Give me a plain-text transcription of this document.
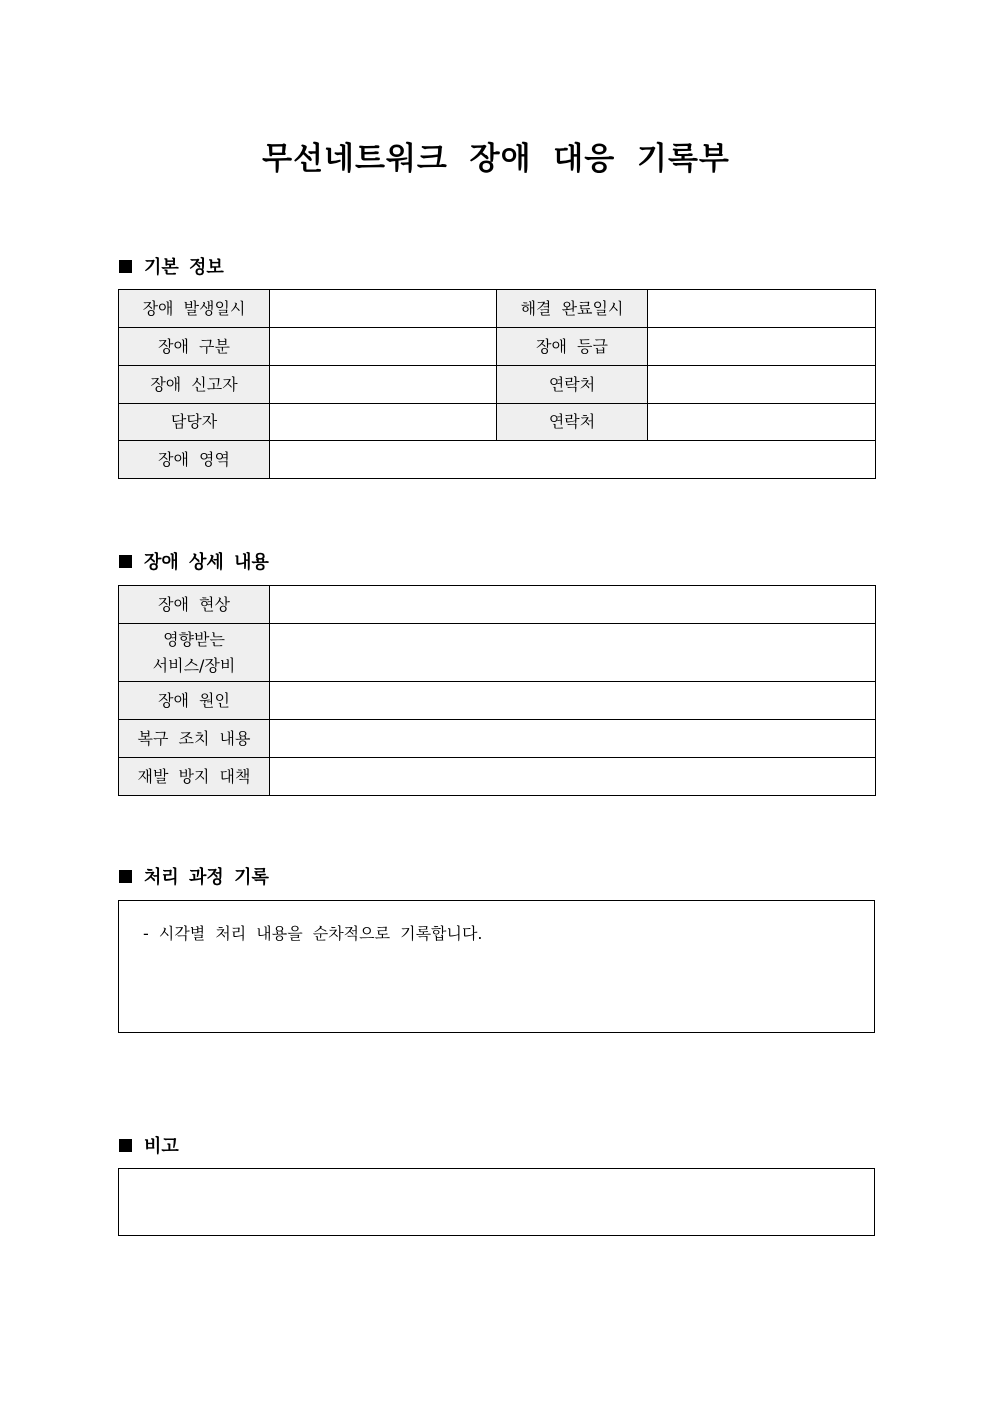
무선네트워크 장애 대응 기록부
기본 정보
장애 발생일시		해결 완료일시	
장애 구분		장애 등급	
장애 신고자		연락처	
담당자		연락처	
장애 영역			
장애 상세 내용
장애 현상	

영향받는
서비스/장비	

장애 원인	
복구 조치 내용	
재발 방지 대책	
처리 과정 기록
- 시각별 처리 내용을 순차적으로 기록합니다.
비고
